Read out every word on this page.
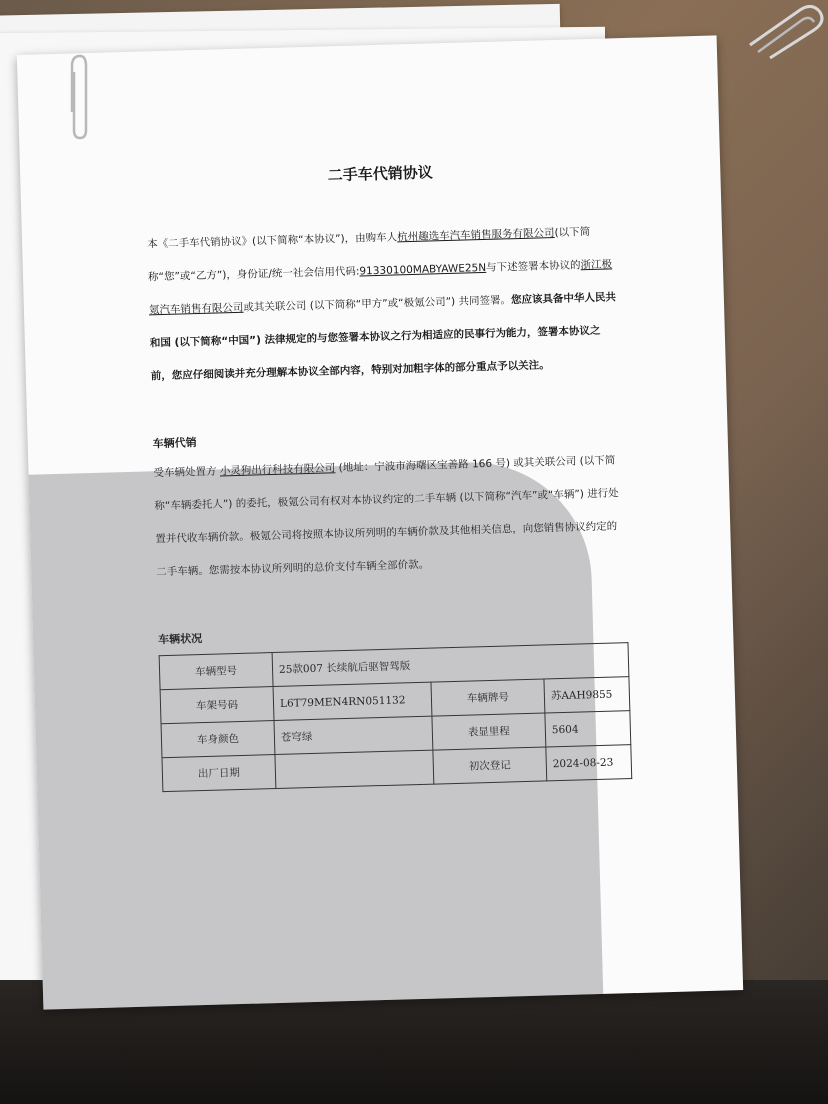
二手车代销协议

本《二手车代销协议》(以下简称“本协议”)，由购车人杭州趣选车汽车销售服务有限公司(以下简称“您”或“乙方”)，身份证/统一社会信用代码:91330100MABYAWE25N与下述签署本协议的浙江极氪汽车销售有限公司或其关联公司 (以下简称“甲方”或“极氪公司”) 共同签署。您应该具备中华人民共和国 (以下简称“中国”) 法律规定的与您签署本协议之行为相适应的民事行为能力，签署本协议之前，您应仔细阅读并充分理解本协议全部内容，特别对加粗字体的部分重点予以关注。

车辆代销

受车辆处置方 小灵狗出行科技有限公司 (地址：宁波市海曙区宝善路 166 号) 或其关联公司 (以下简称“车辆委托人”) 的委托，极氪公司有权对本协议约定的二手车辆 (以下简称“汽车”或“车辆”) 进行处置并代收车辆价款。极氪公司将按照本协议所列明的车辆价款及其他相关信息，向您销售协议约定的二手车辆。您需按本协议所列明的总价支付车辆全部价款。

车辆状况
车辆型号	25款007 长续航后驱智驾版		
车架号码	L6T79MEN4RN051132	车辆牌号	苏AAH9855
车身颜色	苍穹绿	表显里程	5604
出厂日期		初次登记	2024-08-23
